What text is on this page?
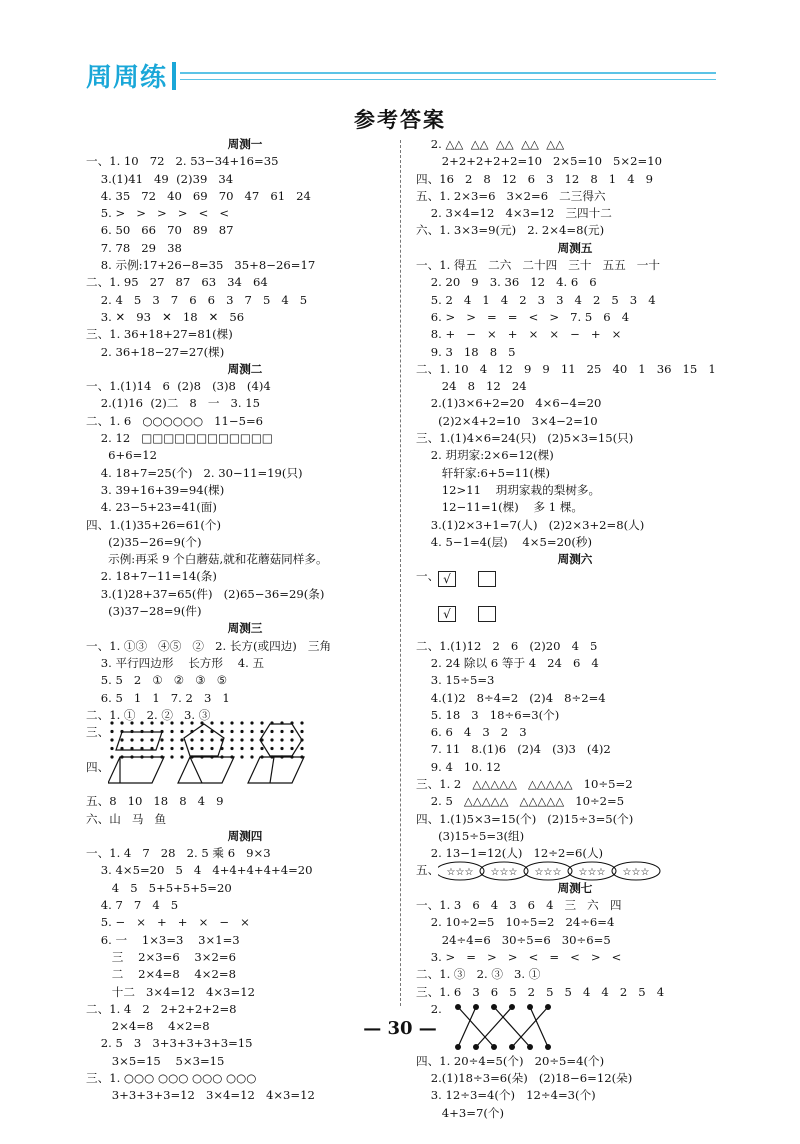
周周练
参考答案
周测一
一、1. 10   72   2. 53−34+16=35
3.(1)41   49  (2)39   34
4. 35   72   40   69   70   47   61   24
5. >   >   >   >   <   <
6. 50   66   70   89   87
7. 78   29   38
8. 示例:17+26−8=35   35+8−26=17
二、1. 95   27   87   63   34   64
2. 4   5   3   7   6   6   3   7   5   4   5
3. ✕   93   ✕   18   ✕   56
三、1. 36+18+27=81(棵)
2. 36+18−27=27(棵)
周测二
一、1.(1)14   6  (2)8   (3)8   (4)4
2.(1)16  (2)二   8   一   3. 15
二、1. 6   ○○○○○○   11−5=6
2. 12   □□□□□□□□□□□□
6+6=12
4. 18+7=25(个)   2. 30−11=19(只)
3. 39+16+39=94(棵)
4. 23−5+23=41(面)
四、1.(1)35+26=61(个)
(2)35−26=9(个)
示例:再采 9 个白蘑菇,就和花蘑菇同样多。
2. 18+7−11=14(条)
3.(1)28+37=65(件)   (2)65−36=29(条)
(3)37−28=9(件)
周测三
一、1. ①③   ④⑤   ②   2. 长方(或四边)   三角
3. 平行四边形    长方形    4. 五
5. 5   2   ①   ②   ③   ⑤
6. 5   1   1   7. 2   3   1
二、1. ①   2. ②   3. ③
三、
四、
五、8   10   18   8   4   9
六、山   马   鱼
周测四
一、1. 4   7   28   2. 5 乘 6   9×3
3. 4×5=20   5   4   4+4+4+4+4=20
4   5   5+5+5+5=20
4. 7   7   4   5
5. −   ×   +   +   ×   −   ×
6. 一    1×3=3    3×1=3
三    2×3=6    3×2=6
二    2×4=8    4×2=8
十二   3×4=12   4×3=12
二、1. 4   2   2+2+2+2=8
2×4=8    4×2=8
2. 5   3   3+3+3+3+3=15
3×5=15    5×3=15
三、1. ○○○ ○○○ ○○○ ○○○
3+3+3+3=12   3×4=12   4×3=12
2. △△  △△  △△  △△  △△
2+2+2+2+2=10   2×5=10   5×2=10
四、16   2   8   12   6   3   12   8   1   4   9
五、1. 2×3=6   3×2=6   二三得六
2. 3×4=12   4×3=12   三四十二
六、1. 3×3=9(元)   2. 2×4=8(元)
周测五
一、1. 得五   二六   二十四   三十   五五   一十
2. 20   9   3. 36   12   4. 6   6
5. 2   4   1   4   2   3   3   4   2   5   3   4
6. >   >   =   =   <   >   7. 5   6   4
8. +   −   ×   +   ×   ×   −   +   ×
9. 3   18   8   5
二、1. 10   4   12   9   9   11   25   40   1   36   15   1
24   8   12   24
2.(1)3×6+2=20   4×6−4=20
(2)2×4+2=10   3×4−2=10
三、1.(1)4×6=24(只)   (2)5×3=15(只)
2. 玥玥家:2×6=12(棵)
轩轩家:6+5=11(棵)
12>11    玥玥家栽的梨树多。
12−11=1(棵)    多 1 棵。
3.(1)2×3+1=7(人)   (2)2×3+2=8(人)
4. 5−1=4(层)    4×5=20(秒)
周测六
一、 √
√
二、1.(1)12   2   6   (2)20   4   5
2. 24 除以 6 等于 4   24   6   4
3. 15÷5=3
4.(1)2   8÷4=2   (2)4   8÷2=4
5. 18   3   18÷6=3(个)
6. 6   4   3   2   3
7. 11   8.(1)6   (2)4   (3)3   (4)2
9. 4   10. 12
三、1. 2   △△△△△   △△△△△   10÷5=2
2. 5   △△△△△   △△△△△   10÷2=5
四、1.(1)5×3=15(个)   (2)15÷3=5(个)
(3)15÷5=3(组)
2. 13−1=12(人)   12÷2=6(人)
五、 ☆☆☆ ☆☆☆ ☆☆☆ ☆☆☆ ☆☆☆
周测七
一、1. 3   6   4   3   6   4   三   六   四
2. 10÷2=5   10÷5=2   24÷6=4
24÷4=6   30÷5=6   30÷6=5
3. >   =   >   >   <   =   <   >   <
二、1. ③   2. ③   3. ①
三、1. 6   3   6   5   2   5   5   4   4   2   5   4
2.
四、1. 20÷4=5(个)   20÷5=4(个)
2.(1)18÷3=6(朵)   (2)18−6=12(朵)
3. 12÷3=4(个)   12÷4=3(个)
4+3=7(个)
— 30 —
